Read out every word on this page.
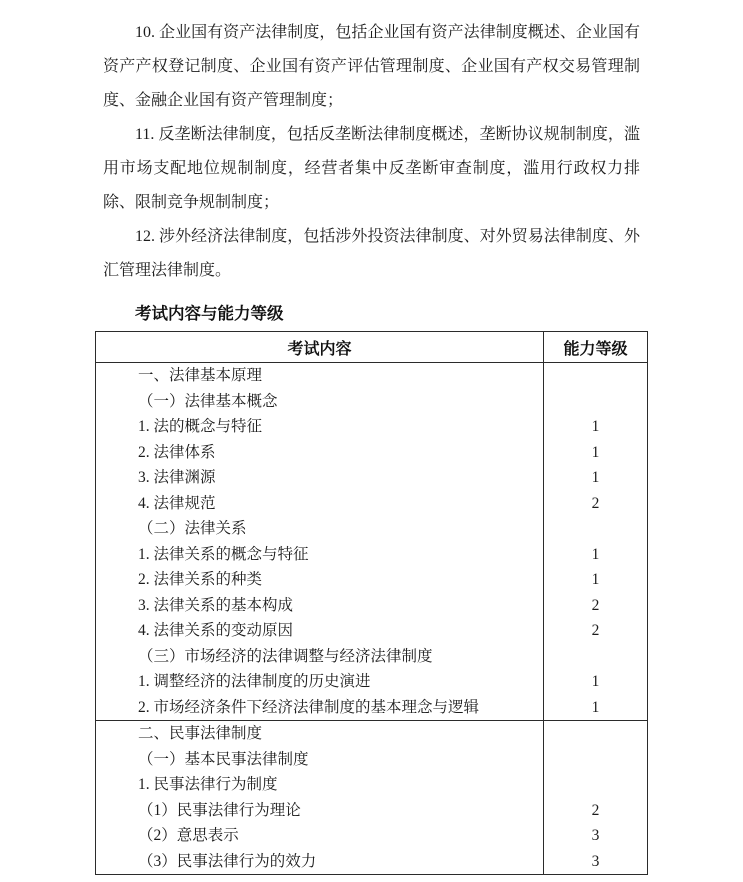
10. 企业国有资产法律制度，包括企业国有资产法律制度概述、企业国有资产产权登记制度、企业国有资产评估管理制度、企业国有产权交易管理制度、金融企业国有资产管理制度；

11. 反垄断法律制度，包括反垄断法律制度概述，垄断协议规制制度，滥用市场支配地位规制制度，经营者集中反垄断审查制度，滥用行政权力排除、限制竞争规制制度；

12. 涉外经济法律制度，包括涉外投资法律制度、对外贸易法律制度、外汇管理法律制度。

考试内容与能力等级
考试内容	能力等级
一、法律基本原理	
（一）法律基本概念	
1. 法的概念与特征	1
2. 法律体系	1
3. 法律渊源	1
4. 法律规范	2
（二）法律关系	
1. 法律关系的概念与特征	1
2. 法律关系的种类	1
3. 法律关系的基本构成	2
4. 法律关系的变动原因	2
（三）市场经济的法律调整与经济法律制度	
1. 调整经济的法律制度的历史演进	1
2. 市场经济条件下经济法律制度的基本理念与逻辑	1
二、民事法律制度	
（一）基本民事法律制度	
1. 民事法律行为制度	
（1）民事法律行为理论	2
（2）意思表示	3
（3）民事法律行为的效力	3
